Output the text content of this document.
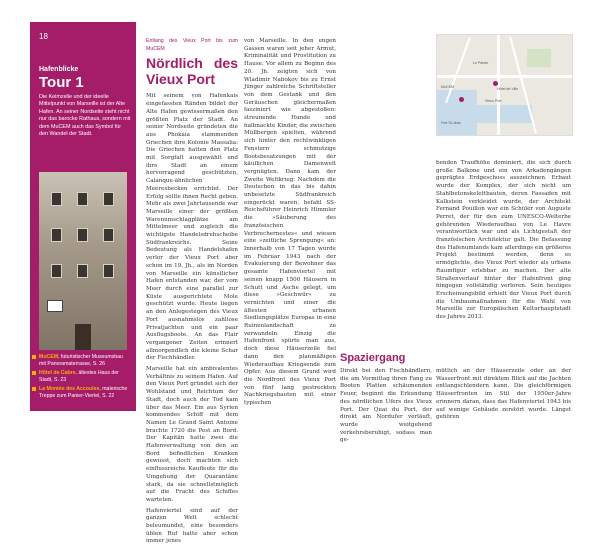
18
Hafenblicke
Tour 1
Die Keimzelle und der ideelle Mittelpunkt von Marseille ist der Alte Hafen. An seiner Nordseite steht nicht nur das barocke Rathaus, sondern mit dem MuCEM auch das Symbol für den Wandel der Stadt.
MuCEM, futuristischer Museumsbau mit Panoramaterrasse, S. 26
Hôtel de Cabre, ältestes Haus der Stadt, S. 23
La Montée des Accoules, malerische Treppe zum Panier-Viertel, S. 22
Entlang des Vieux Port bis zum MuCEM
Nördlich des Vieux Port

Mit seinem von Hafenkais eingefassten Ränden bildet der Alte Hafen gewissermaßen den größten Platz der Stadt. An seiner Nordseite gründeten die aus Phokaia stammenden Griechen ihre Kolonie Massalia: Die Griechen hatten den Platz mit Sorgfalt ausgewählt und ihre Stadt an einem hervorragend geschützten, Calanque-ähnlichen Meeresbecken errichtet. Der Erfolg sollte ihnen Recht geben. Mehr als zwei Jahrtausende war Marseille einer der größten Warenumschlagplätze am Mittelmeer und zugleich die wichtigste Handelsdrehscheibe Südfrankreichs. Seine Bedeutung als Handelshafen verlor der Vieux Port aber schon im 19. Jh., als im Norden von Marseille ein künstlicher Hafen entstanden war, der vom Meer durch eine parallel zur Küste ausgerichtete Mole geschützt wurde. Heute liegen an den Anlegestegen des Vieux Port ausnahmslos zahllose Privatjachten und ein paar Ausflugsboote. An das Flair vergangener Zeiten erinnert allmorgendlich die kleine Schar der Fischhändler.

Marseille hat ein ambivalentes Verhältnis zu seinem Hafen. Auf den Vieux Port gründet sich der Wohlstand und Reichtum der Stadt, doch auch der Tod kam über das Meer. Ein aus Syrien kommendes Schiff mit dem Namen Le Grand Saint Antoine brachte 1720 die Pest an Bord. Der Kapitän hatte zwei die Hafenverwaltung von den an Bord befindlichen Kranken gewusst, doch machten sich einflussreiche Kaufleute für die Umgehung der Quarantäne stark, da sie schnellstmöglich auf die Fracht des Schiffes warteten.

Hafenviertel sind auf der ganzen Welt schlecht beleumundet, eine besonders üblen Ruf hatte aber schon immer jenes

von Marseille. In den engen Gassen waren seit jeher Armut, Kriminalität und Prostitution zu Hause. Vor allem zu Beginn des 20. Jh. zeigten sich von Wladimir Nabokov bis zu Ernst Jünger zahlreiche Schriftsteller von dem Gestank und den Geräuschen gleichermaßen fasziniert wie abgestoßen: streunende Hunde und halbnackte Kinder, die zwischen Müllbergen spielten, während sich hinter den rechtwinkligen Fenstern schmutzige Bootsbesatzungen mit der käuflichen Damenwelt vergnügten. Dann kam der Zweite Weltkrieg: Nachdem die Deutschen in das bis dahin unbesetzte Südfrankreich eingerückt waren, befahl SS-Reichsführer Heinrich Himmler die »Säuberung des französischen Verbrechernestes« und wiesen eine »zeitliche Sprengung« an: Innerhalb von 17 Tagen wurde im Februar 1943 nach der Evakuierung der Bewohner das gesamte Hafenviertel mit seinen knapp 1500 Häusern in Schutt und Asche gelegt, um diese »Geschwür« zu vernichten und einer die ältesten urbanen Siedlungsplätze Europas in eine Ruinenlandschaft zu verwandeln. Einzig die Hafenfront spürte man aus, doch diese Häuserzeile fiel dann den planmäßigen Wiederaufbau Kriegsende zum Opfer. Aus diesem Grund wird die Nordfront des Vieux Port von fünf lang gestreckten Nachkriegsbauten mit einer typischen

Le Panier
Vieux Port
Hôtel de Ville
MuCEM
Fort St-Jean

benden Traufhöhe dominiert, die sich durch große Balkone und ein von Arkadengängen geprägtes Erdgeschoss auszeichnen. Erbaut wurde der Komplex, der sich nicht um Stahlbetonskelettbauten, deren Fassaden mit Kalkstein verkleidet wurde, der Architekt Fernand Pouillon war ein Schüler von Auguste Perret, der für den zum UNESCO-Welterbe gehörenden Wiederaufbau von Le Havre verantwortlich war und als Lichtgestalt der französischen Architektur galt. Die Befassung des Hafenumlands kam allerdings ein größeres Projekt bestimmt werden, denn es ermöglichte, des Vieux Port wieder als urbane Raumfigur erlebbar zu machen. Der alte Straßenverlauf hinter der Hafenfront ging hingegen vollständig verloren. Sein heutiges Erscheinungsbild erhielt der Vieux Port durch die Umbaumaßnahmen für die Wahl von Marseille zur Europäischen Kulturhauptstadt des Jahres 2013.

Spaziergang

Direkt bei den Fischhändlern, die am Vormittag ihren Fang zu Booten Platten schäumenden Feuer, beginnt die Erkundung des nördlichen Ufers des Vieux Port. Der Quai du Port, der direkt am Nordufer verläuft, wurde weitgehend verkehrsberuhigt, sodass man ge-

mütlich an der Häuserzeile oder an der Wasserfront mit direktem Blick auf die Jachten entlangschlendern kann. Die gleichförmigen Häuserfronten im Stil der 1950er-Jahre erinnern daran, dass das Hafenviertel 1943 bis auf wenige Gebäude zerstört wurde. Längst gehören
